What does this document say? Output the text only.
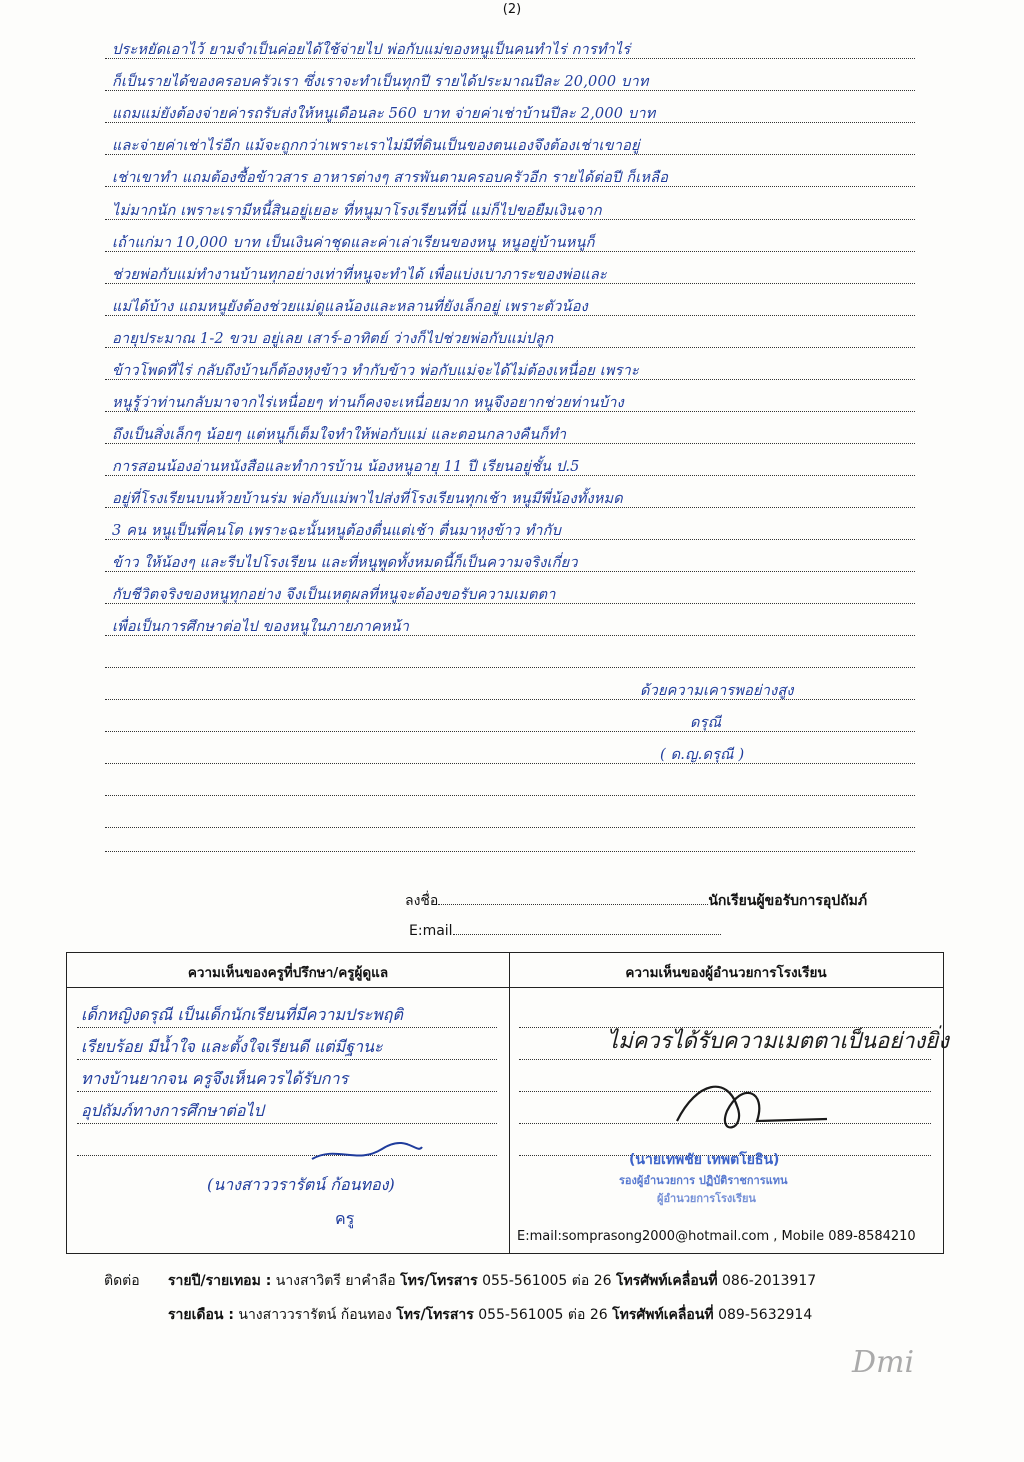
(2)
ประหยัดเอาไว้ ยามจำเป็นค่อยได้ใช้จ่ายไป พ่อกับแม่ของหนูเป็นคนทำไร่ การทำไร่
ก็เป็นรายได้ของครอบครัวเรา ซึ่งเราจะทำเป็นทุกปี รายได้ประมาณปีละ 20,000 บาท
แถมแม่ยังต้องจ่ายค่ารถรับส่งให้หนูเดือนละ 560 บาท จ่ายค่าเช่าบ้านปีละ 2,000 บาท
และจ่ายค่าเช่าไร่อีก แม้จะถูกกว่าเพราะเราไม่มีที่ดินเป็นของตนเองจึงต้องเช่าเขาอยู่
เช่าเขาทำ แถมต้องซื้อข้าวสาร อาหารต่างๆ สารพันตามครอบครัวอีก รายได้ต่อปี ก็เหลือ
ไม่มากนัก เพราะเรามีหนี้สินอยู่เยอะ ที่หนูมาโรงเรียนที่นี่ แม่ก็ไปขอยืมเงินจาก
เถ้าแก่มา 10,000 บาท เป็นเงินค่าชุดและค่าเล่าเรียนของหนู หนูอยู่บ้านหนูก็
ช่วยพ่อกับแม่ทำงานบ้านทุกอย่างเท่าที่หนูจะทำได้ เพื่อแบ่งเบาภาระของพ่อและ
แม่ได้บ้าง แถมหนูยังต้องช่วยแม่ดูแลน้องและหลานที่ยังเล็กอยู่ เพราะตัวน้อง
อายุประมาณ 1-2 ขวบ อยู่เลย เสาร์-อาทิตย์ ว่างก็ไปช่วยพ่อกับแม่ปลูก
ข้าวโพดที่ไร่ กลับถึงบ้านก็ต้องหุงข้าว ทำกับข้าว พ่อกับแม่จะได้ไม่ต้องเหนื่อย เพราะ
หนูรู้ว่าท่านกลับมาจากไร่เหนื่อยๆ ท่านก็คงจะเหนื่อยมาก หนูจึงอยากช่วยท่านบ้าง
ถึงเป็นสิ่งเล็กๆ น้อยๆ แต่หนูก็เต็มใจทำให้พ่อกับแม่ และตอนกลางคืนก็ทำ
การสอนน้องอ่านหนังสือและทำการบ้าน น้องหนูอายุ 11 ปี เรียนอยู่ชั้น ป.5
อยู่ที่โรงเรียนบนห้วยบ้านร่ม พ่อกับแม่พาไปส่งที่โรงเรียนทุกเช้า หนูมีพี่น้องทั้งหมด
3 คน หนูเป็นพี่คนโต เพราะฉะนั้นหนูต้องตื่นแต่เช้า ตื่นมาหุงข้าว ทำกับ
ข้าว ให้น้องๆ และรีบไปโรงเรียน และที่หนูพูดทั้งหมดนี้ก็เป็นความจริงเกี่ยว
กับชีวิตจริงของหนูทุกอย่าง จึงเป็นเหตุผลที่หนูจะต้องขอรับความเมตตา
เพื่อเป็นการศึกษาต่อไป ของหนูในภายภาคหน้า
ด้วยความเคารพอย่างสูง
ดรุณี
( ด.ญ.ดรุณี )
ลงชื่อ	นักเรียนผู้ขอรับการอุปถัมภ์
E:mail
ความเห็นของครูที่ปรึกษา/ครูผู้ดูแล	ความเห็นของผู้อำนวยการโรงเรียน
เด็กหญิงดรุณี เป็นเด็กนักเรียนที่มีความประพฤติ
เรียบร้อย มีน้ำใจ และตั้งใจเรียนดี แต่มีฐานะ
ทางบ้านยากจน ครูจึงเห็นควรได้รับการ
อุปถัมภ์ทางการศึกษาต่อไป
(นางสาววรารัตน์ ก้อนทอง)
ครู
ไม่ควรได้รับความเมตตาเป็นอย่างยิ่ง
(นายเทพชัย เทพตโยธิน)
รองผู้อำนวยการ ปฏิบัติราชการแทน
ผู้อำนวยการโรงเรียน
E:mail:somprasong2000@hotmail.com , Mobile 089-8584210
ติดต่อ รายปี/รายเทอม : นางสาวิตรี ยาคำลือ โทร/โทรสาร 055-561005 ต่อ 26 โทรศัพท์เคลื่อนที่ 086-2013917
รายเดือน : นางสาววรารัตน์ ก้อนทอง โทร/โทรสาร 055-561005 ต่อ 26 โทรศัพท์เคลื่อนที่ 089-5632914
Dmi
